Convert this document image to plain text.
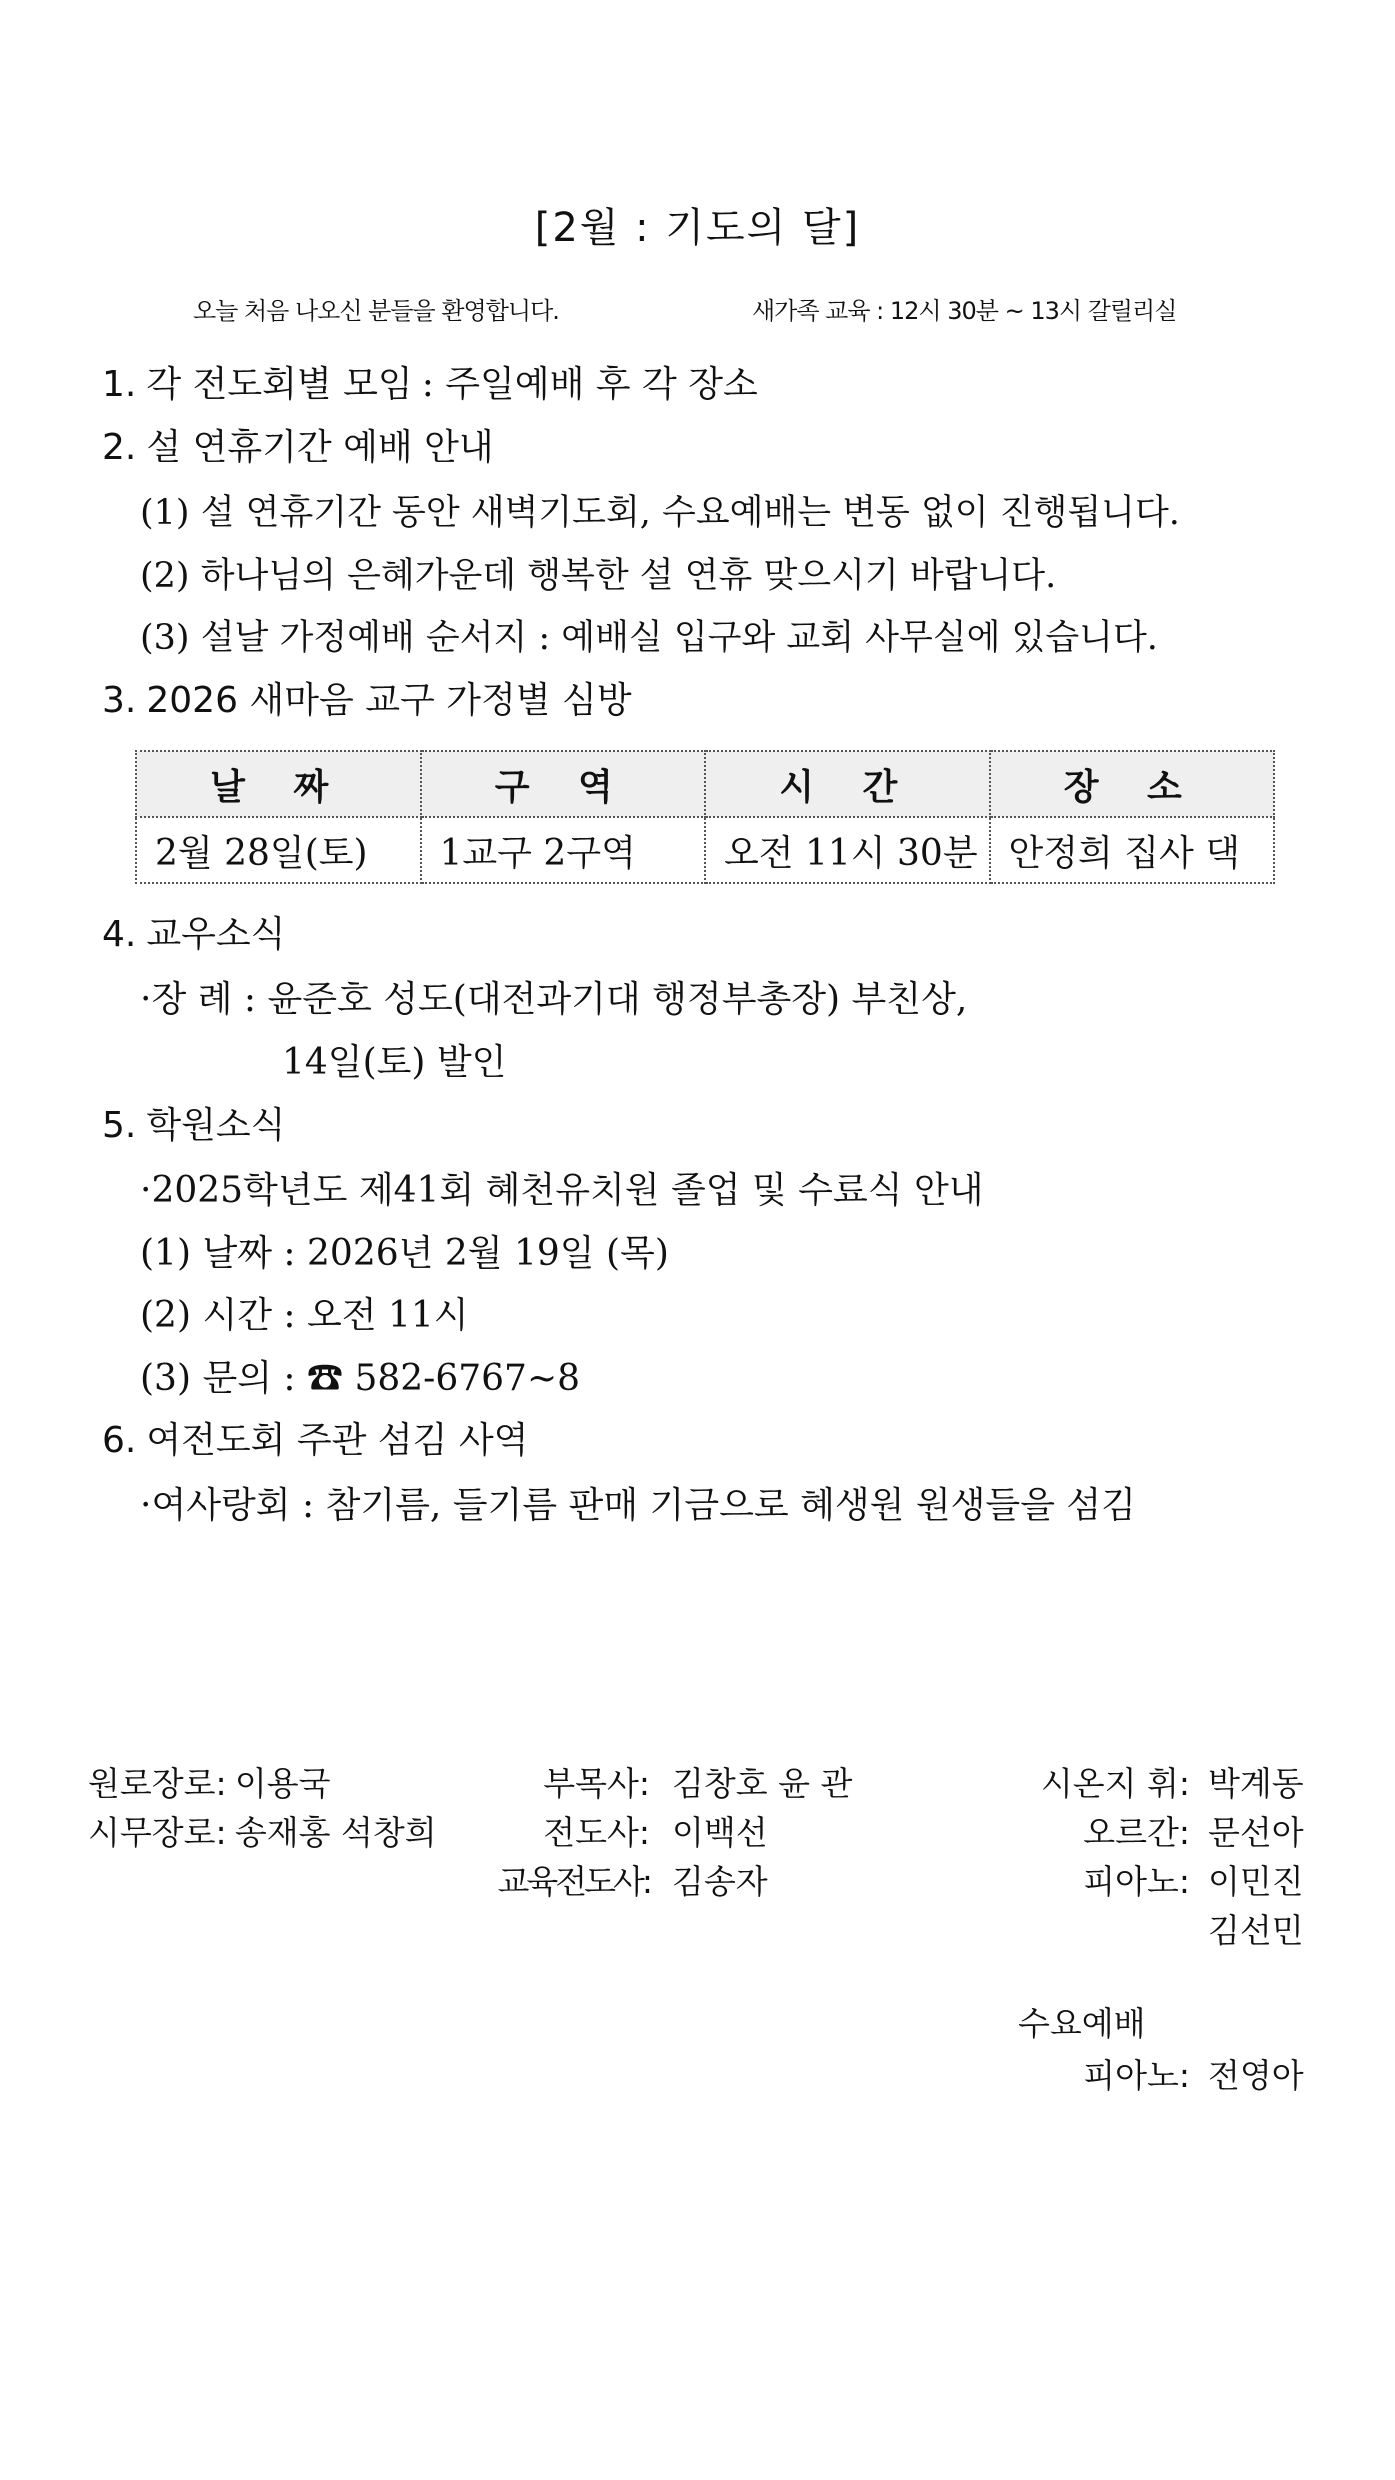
[2월 : 기도의 달]
오늘 처음 나오신 분들을 환영합니다.	새가족 교육 : 12시 30분 ~ 13시 갈릴리실
1. 각 전도회별 모임 : 주일예배 후 각 장소
2. 설 연휴기간 예배 안내
(1) 설 연휴기간 동안 새벽기도회, 수요예배는 변동 없이 진행됩니다.
(2) 하나님의 은혜가운데 행복한 설 연휴 맞으시기 바랍니다.
(3) 설날 가정예배 순서지 : 예배실 입구와 교회 사무실에 있습니다.
3. 2026 새마음 교구 가정별 심방
날 짜	구 역	시 간	장 소
2월 28일(토)	1교구 2구역	오전 11시 30분	안정희 집사 댁
4. 교우소식
·장 례 : 윤준호 성도(대전과기대 행정부총장) 부친상,
14일(토) 발인
5. 학원소식
·2025학년도 제41회 혜천유치원 졸업 및 수료식 안내
(1) 날짜 : 2026년 2월 19일 (목)
(2) 시간 : 오전 11시
(3) 문의 : ☎ 582-6767~8
6. 여전도회 주관 섬김 사역
·여사랑회 : 참기름, 들기름 판매 기금으로 혜생원 원생들을 섬김
원로장로: 이용국
시무장로: 송재홍 석창희
부목사: 김창호 윤 관
전도사: 이백선
교육전도사: 김송자
시온지 휘: 박계동
오르간: 문선아
피아노: 이민진
김선민
수요예배
피아노: 전영아
